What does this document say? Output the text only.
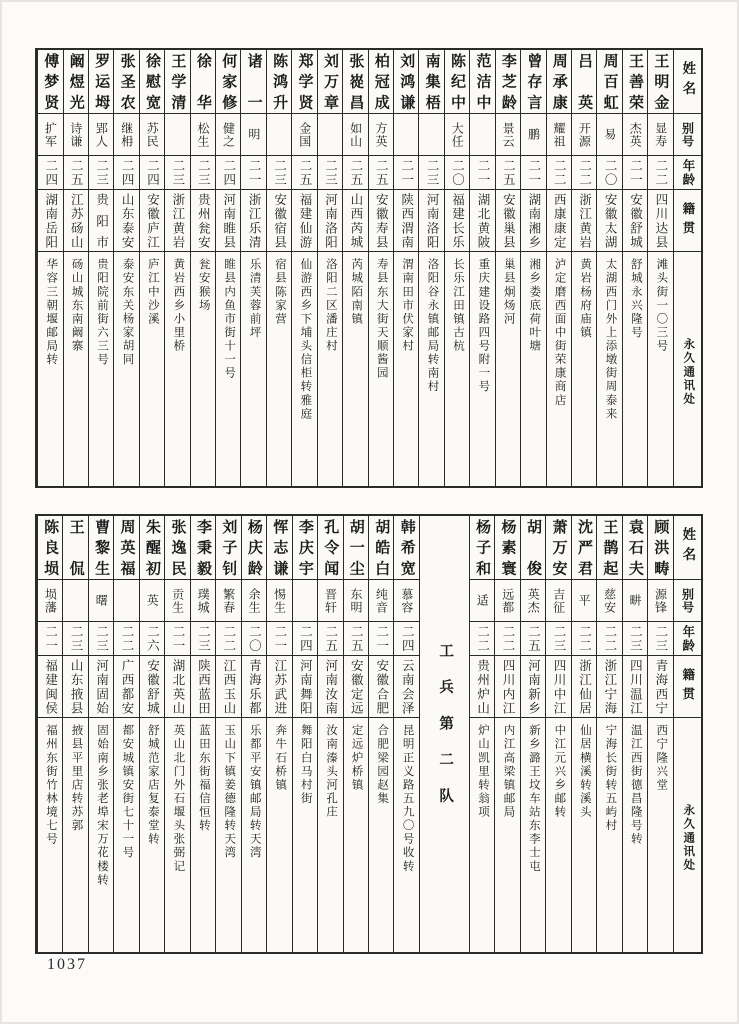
姓名
别号
年龄
籍贯
永久通讯处
王明金
显寿
二二
四川达县
滩头街一〇三号
王善荣
杰英
二一
安徽舒城
舒城永兴隆号
周百虹
易
二〇
安徽太湖
太湖西门外上添墩街周泰来
吕英
开源
二二
浙江黄岩
黄岩杨府庙镇
周承康
耀祖
二二
西康康定
泸定磨西面中街荣康商店
曾存言
鹏
二一
湖南湘乡
湘乡娄底荷叶塘
李芝龄
景云
二五
安徽巢县
巢县炯炀河
范洁中
二一
湖北黄陂
重庆建设路四号附一号
陈纪中
大任
二〇
福建长乐
长乐江田镇古杭
南集梧
二三
河南洛阳
洛阳谷永镇邮局转南村
刘鸿谦
二一
陕西渭南
渭南田市伏家村
柏冠成
方英
二五
安徽寿县
寿县东大街天顺酱园
张嵸昌
如山
二五
山西芮城
芮城陌南镇
刘万章
二三
河南洛阳
洛阳二区潘庄村
郑学贤
金国
二五
福建仙游
仙游西乡下埔头信柜转雅庭
陈鸿升
二三
安徽宿县
宿县陈家营
诸一
明
二一
浙江乐清
乐清芙蓉前坪
何家修
健之
二四
河南睢县
睢县内鱼市街十一号
徐华
松生
二三
贵州瓮安
瓮安猴场
王学清
二三
浙江黄岩
黄岩西乡小里桥
徐慰宽
苏民
二四
安徽庐江
庐江中沙溪
张圣农
继枏
二四
山东泰安
泰安东关杨家胡同
罗运坶
郢人
二三
贵阳市
贵阳院前街六三号
阚煜光
诗谦
二五
江苏砀山
砀山城东南阚寨
傅梦贤
扩军
二四
湖南岳阳
华容三朝堰邮局转
姓名
别号
年龄
籍贯
永久通讯处
顾洪畴
源锋
二三
青海西宁
西宁隆兴堂
袁石夫
畊
二三
四川温江
温江西街德昌隆号转
王鹊起
慈安
二二
浙江宁海
宁海长街转五屿村
沈严君
平
二二
浙江仙居
仙居横溪转溪头
萧万安
吉征
二三
四川中江
中江元兴乡邮转
胡俊
英杰
二五
河南新乡
新乡潞王坟车站东李士屯
杨素寰
远都
二二
四川内江
内江高梁镇邮局
杨子和
适
二二
贵州炉山
炉山凯里转翁项
工兵第二队
韩希宽
慕容
二四
云南会泽
昆明正义路五九〇号收转
胡皓白
纯音
二一
安徽合肥
合肥梁园赵集
胡一尘
东明
二五
安徽定远
定远炉桥镇
孔令闻
晋轩
二五
河南汝南
汝南溱头河孔庄
李庆宇
二四
河南舞阳
舞阳白马村街
恽志谦
惕生
二一
江苏武进
奔牛石桥镇
杨庆龄
余生
二〇
青海乐都
乐都平安镇邮局转天湾
刘子钊
繁春
二二
江西玉山
玉山下镇姜德隆转天湾
李秉毅
璞城
二三
陕西蓝田
蓝田东街福信恒转
张逸民
贡生
二一
湖北英山
英山北门外石堰头张弼记
朱醒初
英
二六
安徽舒城
舒城范家店复泰堂转
周英福
二二
广西都安
都安城镇安街七十一号
曹黎生
曙
二三
河南固始
固始南乡张老埠宋万花楼转
王侃
二三
山东掖县
掖县平里店转苏郭
陈良埙
埙藩
二一
福建闽侯
福州东街竹林境七号
1037
